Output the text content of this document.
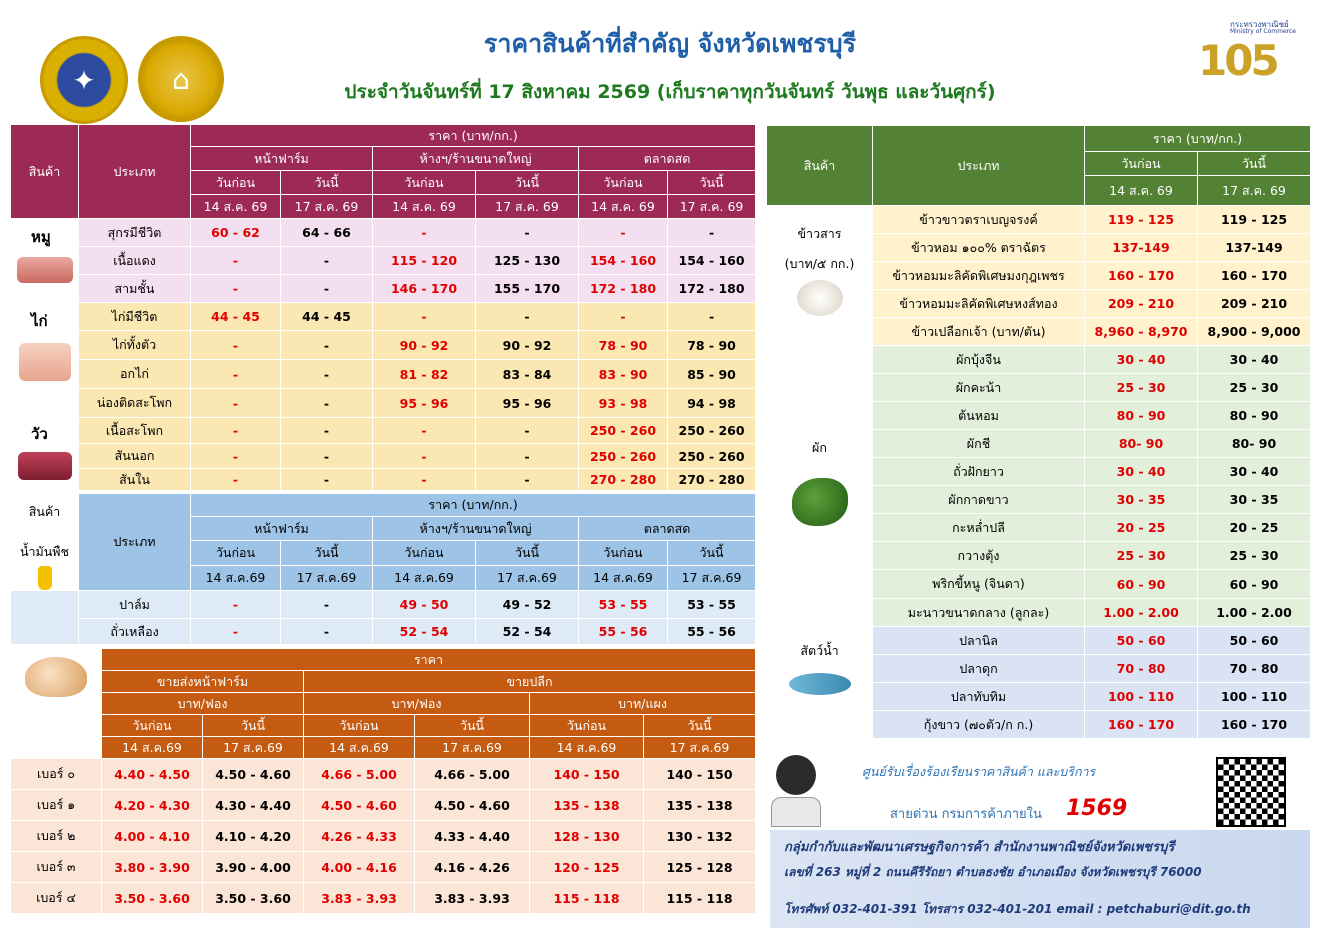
✦	⌂
ราคาสินค้าที่สำคัญ จังหวัดเพชรบุรี
ประจำวันจันทร์ที่ 17 สิงหาคม 2569 (เก็บราคาทุกวันจันทร์ วันพุธ และวันศุกร์)
กระทรวงพาณิชย์
Ministry of Commerce
105
สินค้า	ประเภท	ราคา (บาท/กก.)					
		หน้าฟาร์ม		ห้างฯ/ร้านขนาดใหญ่		ตลาดสด	
		วันก่อน	วันนี้	วันก่อน	วันนี้	วันก่อน	วันนี้
		14 ส.ค. 69	17 ส.ค. 69	14 ส.ค. 69	17 ส.ค. 69	14 ส.ค. 69	17 ส.ค. 69

หมู	สุกรมีชีวิต	60 - 62	64 - 66	-	-	-	-
	เนื้อแดง	-	-	115 - 120	125 - 130	154 - 160	154 - 160
	สามชั้น	-	-	146 - 170	155 - 170	172 - 180	172 - 180

ไก่	ไก่มีชีวิต	44 - 45	44 - 45	-	-	-	-
	ไก่ทั้งตัว	-	-	90 - 92	90 - 92	78 - 90	78 - 90
	อกไก่	-	-	81 - 82	83 - 84	83 - 90	85 - 90
	น่องติดสะโพก	-	-	95 - 96	95 - 96	93 - 98	94 - 98

วัว	เนื้อสะโพก	-	-	-	-	250 - 260	250 - 260
	สันนอก	-	-	-	-	250 - 260	250 - 260
	สันใน	-	-	-	-	270 - 280	270 - 280
สินค้า
น้ำมันพืช	ประเภท	ราคา (บาท/กก.)					
		หน้าฟาร์ม		ห้างฯ/ร้านขนาดใหญ่		ตลาดสด	
		วันก่อน	วันนี้	วันก่อน	วันนี้	วันก่อน	วันนี้
		14 ส.ค.69	17 ส.ค.69	14 ส.ค.69	17 ส.ค.69	14 ส.ค.69	17 ส.ค.69
	ปาล์ม	-	-	49 - 50	49 - 52	53 - 55	53 - 55
	ถั่วเหลือง	-	-	52 - 54	52 - 54	55 - 56	55 - 56
ไข่ไก่	ราคา					
	ขายส่งหน้าฟาร์ม		ขายปลีก			
	บาท/ฟอง		บาท/ฟอง		บาท/แผง	
	วันก่อน	วันนี้	วันก่อน	วันนี้	วันก่อน	วันนี้
	14 ส.ค.69	17 ส.ค.69	14 ส.ค.69	17 ส.ค.69	14 ส.ค.69	17 ส.ค.69
เบอร์ ๐	4.40 - 4.50	4.50 - 4.60	4.66 - 5.00	4.66 - 5.00	140 - 150	140 - 150
เบอร์ ๑	4.20 - 4.30	4.30 - 4.40	4.50 - 4.60	4.50 - 4.60	135 - 138	135 - 138
เบอร์ ๒	4.00 - 4.10	4.10 - 4.20	4.26 - 4.33	4.33 - 4.40	128 - 130	130 - 132
เบอร์ ๓	3.80 - 3.90	3.90 - 4.00	4.00 - 4.16	4.16 - 4.26	120 - 125	125 - 128
เบอร์ ๔	3.50 - 3.60	3.50 - 3.60	3.83 - 3.93	3.83 - 3.93	115 - 118	115 - 118
สินค้า	ประเภท	ราคา (บาท/กก.)	
		วันก่อน	วันนี้
		14 ส.ค. 69	17 ส.ค. 69

ข้าวสาร
(บาท/๕ กก.)	ข้าวขาวตราเบญจรงค์	119 - 125	119 - 125
	ข้าวหอม ๑๐๐% ตราฉัตร	137-149	137-149
	ข้าวหอมมะลิคัดพิเศษมงกุฎเพชร	160 - 170	160 - 170
	ข้าวหอมมะลิคัดพิเศษหงส์ทอง	209 - 210	209 - 210
	ข้าวเปลือกเจ้า (บาท/ตัน)	8,960 - 8,970	8,900 - 9,000

ผัก	ผักบุ้งจีน	30 - 40	30 - 40
	ผักคะน้า	25 - 30	25 - 30
	ต้นหอม	80 - 90	80 - 90
	ผักชี	80- 90	80- 90
	ถั่วฝักยาว	30 - 40	30 - 40
	ผักกาดขาว	30 - 35	30 - 35
	กะหล่ำปลี	20 - 25	20 - 25
	กวางตุ้ง	25 - 30	25 - 30
	พริกขี้หนู (จินดา)	60 - 90	60 - 90
	มะนาวขนาดกลาง (ลูกละ)	1.00 - 2.00	1.00 - 2.00

สัตว์น้ำ	ปลานิล	50 - 60	50 - 60
	ปลาดุก	70 - 80	70 - 80
	ปลาทับทิม	100 - 110	100 - 110
	กุ้งขาว (๗๐ตัว/ก ก.)	160 - 170	160 - 170
ศูนย์รับเรื่องร้องเรียนราคาสินค้า และบริการ
สายด่วน กรมการค้าภายใน	1569
กลุ่มกำกับและพัฒนาเศรษฐกิจการค้า สำนักงานพาณิชย์จังหวัดเพชรบุรี
เลขที่ 263 หมู่ที่ 2 ถนนคีรีรัถยา ตำบลธงชัย อำเภอเมือง จังหวัดเพชรบุรี 76000
โทรศัพท์ 032-401-391 โทรสาร 032-401-201 email : petchaburi@dit.go.th
